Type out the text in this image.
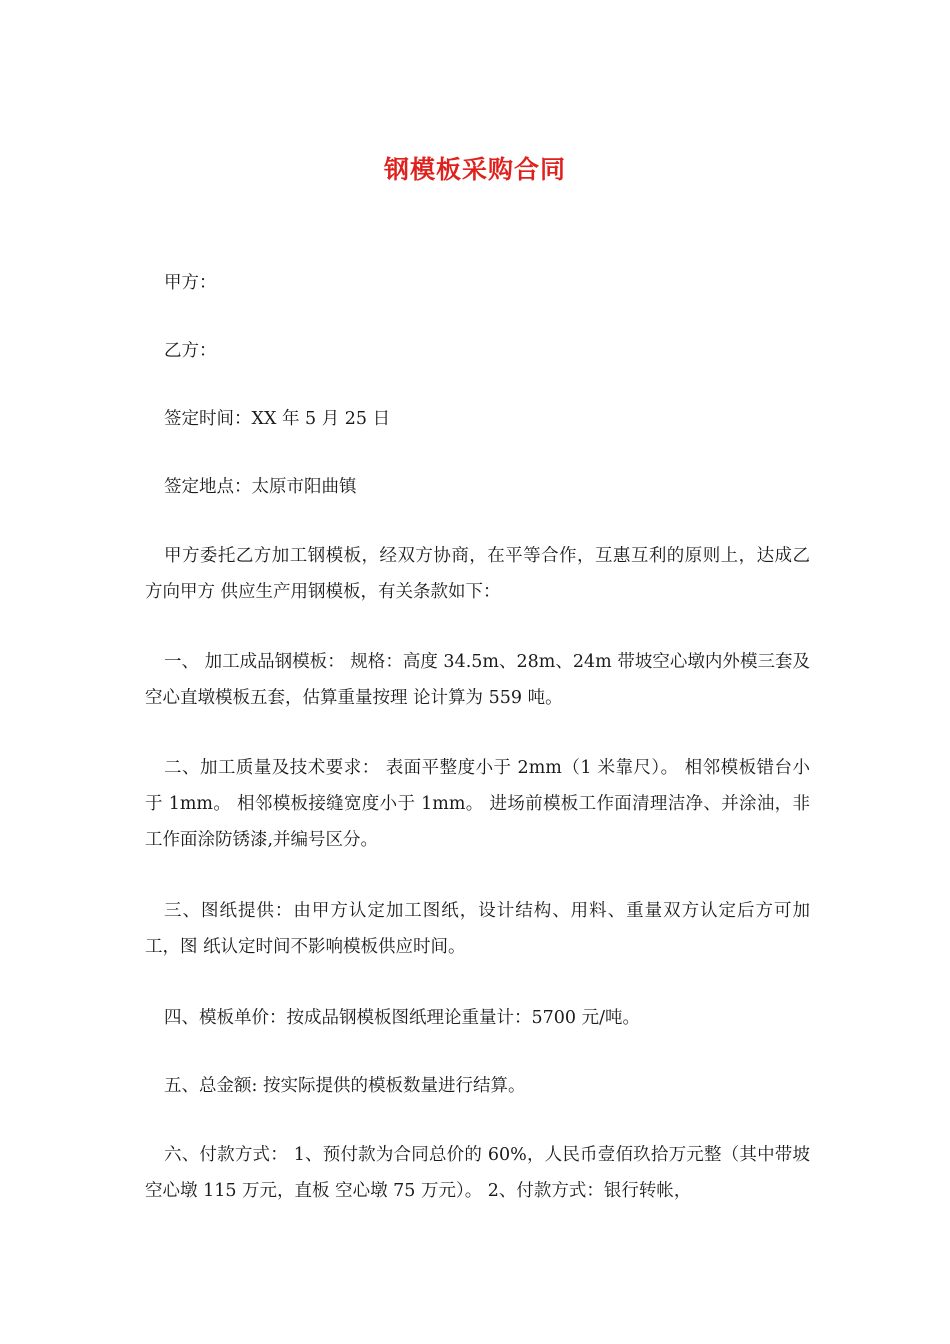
钢模板采购合同

甲方：

乙方：

签定时间：XX 年 5 月 25 日

签定地点：太原市阳曲镇

甲方委托乙方加工钢模板，经双方协商，在平等合作，互惠互利的原则上，达成乙方向甲方 供应生产用钢模板，有关条款如下：

一、 加工成品钢模板： 规格：高度 34.5m、28m、24m 带坡空心墩内外模三套及空心直墩模板五套，估算重量按理 论计算为 559 吨。

二、加工质量及技术要求： 表面平整度小于 2mm（1 米靠尺）。 相邻模板错台小于 1mm。 相邻模板接缝宽度小于 1mm。 进场前模板工作面清理洁净、并涂油，非工作面涂防锈漆,并编号区分。

三、图纸提供：由甲方认定加工图纸，设计结构、用料、重量双方认定后方可加工，图 纸认定时间不影响模板供应时间。

四、模板单价：按成品钢模板图纸理论重量计：5700 元/吨。

五、总金额: 按实际提供的模板数量进行结算。

六、付款方式： 1、预付款为合同总价的 60%，人民币壹佰玖拾万元整（其中带坡空心墩 115 万元，直板 空心墩 75 万元）。 2、付款方式：银行转帐，
